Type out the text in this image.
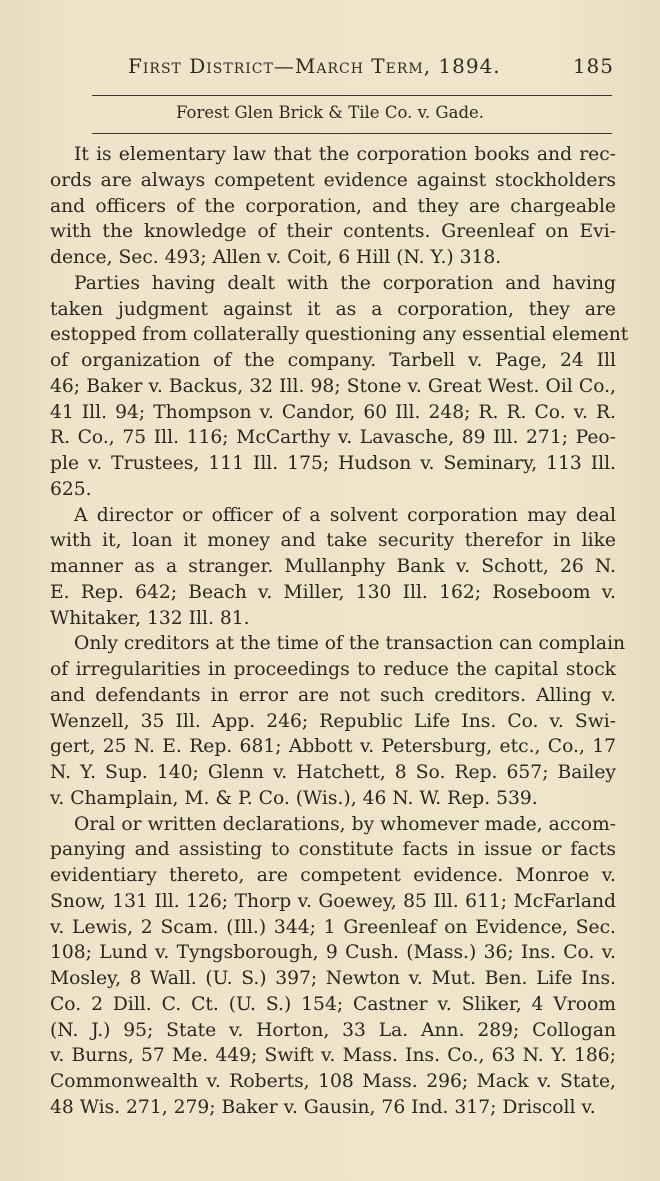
First District—March Term, 1894.	185
Forest Glen Brick & Tile Co. v. Gade.

It is elementary law that the corporation books and rec-
ords are always competent evidence against stockholders
and officers of the corporation, and they are chargeable
with the knowledge of their contents. Greenleaf on Evi-
dence, Sec. 493; Allen v. Coit, 6 Hill (N. Y.) 318.

Parties having dealt with the corporation and having
taken judgment against it as a corporation, they are
estopped from collaterally questioning any essential element
of organization of the company. Tarbell v. Page, 24 Ill
46; Baker v. Backus, 32 Ill. 98; Stone v. Great West. Oil Co.,
41 Ill. 94; Thompson v. Candor, 60 Ill. 248; R. R. Co. v. R.
R. Co., 75 Ill. 116; McCarthy v. Lavasche, 89 Ill. 271; Peo-
ple v. Trustees, 111 Ill. 175; Hudson v. Seminary, 113 Ill.
625.

A director or officer of a solvent corporation may deal
with it, loan it money and take security therefor in like
manner as a stranger. Mullanphy Bank v. Schott, 26 N.
E. Rep. 642; Beach v. Miller, 130 Ill. 162; Roseboom v.
Whitaker, 132 Ill. 81.

Only creditors at the time of the transaction can complain
of irregularities in proceedings to reduce the capital stock
and defendants in error are not such creditors. Alling v.
Wenzell, 35 Ill. App. 246; Republic Life Ins. Co. v. Swi-
gert, 25 N. E. Rep. 681; Abbott v. Petersburg, etc., Co., 17
N. Y. Sup. 140; Glenn v. Hatchett, 8 So. Rep. 657; Bailey
v. Champlain, M. & P. Co. (Wis.), 46 N. W. Rep. 539.

Oral or written declarations, by whomever made, accom-
panying and assisting to constitute facts in issue or facts
evidentiary thereto, are competent evidence. Monroe v.
Snow, 131 Ill. 126; Thorp v. Goewey, 85 Ill. 611; McFarland
v. Lewis, 2 Scam. (Ill.) 344; 1 Greenleaf on Evidence, Sec.
108; Lund v. Tyngsborough, 9 Cush. (Mass.) 36; Ins. Co. v.
Mosley, 8 Wall. (U. S.) 397; Newton v. Mut. Ben. Life Ins.
Co. 2 Dill. C. Ct. (U. S.) 154; Castner v. Sliker, 4 Vroom
(N. J.) 95; State v. Horton, 33 La. Ann. 289; Collogan
v. Burns, 57 Me. 449; Swift v. Mass. Ins. Co., 63 N. Y. 186;
Commonwealth v. Roberts, 108 Mass. 296; Mack v. State,
48 Wis. 271, 279; Baker v. Gausin, 76 Ind. 317; Driscoll v.
